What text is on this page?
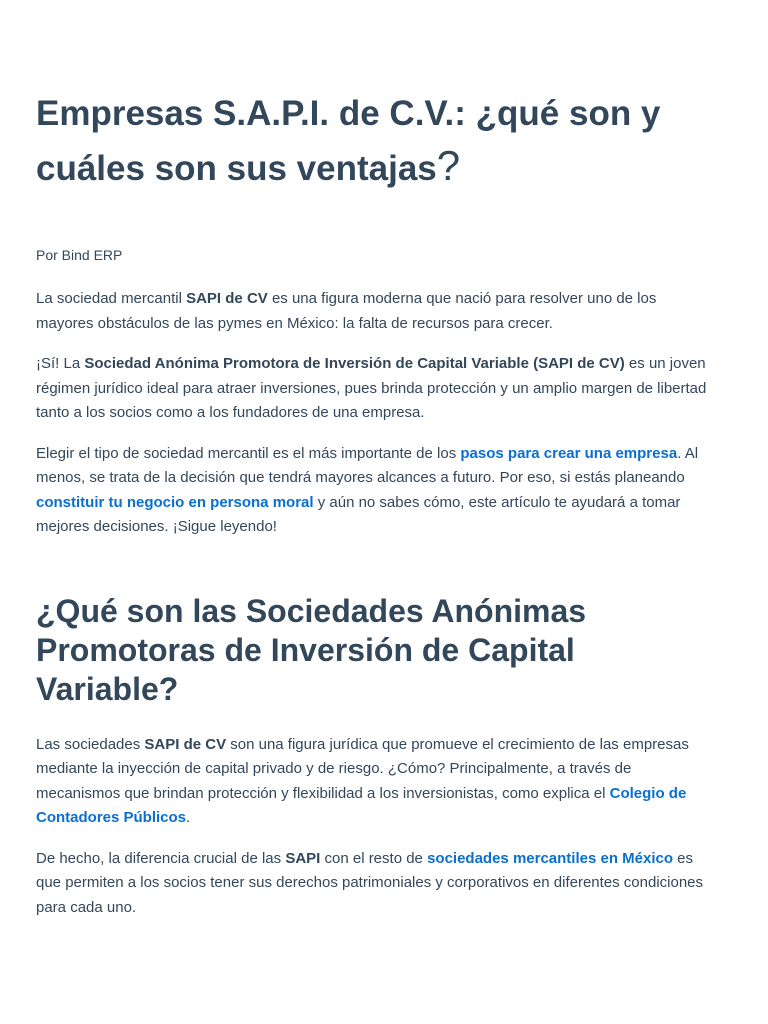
Empresas S.A.P.I. de C.V.: ¿qué son y cuáles son sus ventajas?
Por Bind ERP

La sociedad mercantil SAPI de CV es una figura moderna que nació para resolver uno de los mayores obstáculos de las pymes en México: la falta de recursos para crecer.

¡Sí! La Sociedad Anónima Promotora de Inversión de Capital Variable (SAPI de CV) es un joven régimen jurídico ideal para atraer inversiones, pues brinda protección y un amplio margen de libertad tanto a los socios como a los fundadores de una empresa.

Elegir el tipo de sociedad mercantil es el más importante de los pasos para crear una empresa. Al menos, se trata de la decisión que tendrá mayores alcances a futuro. Por eso, si estás planeando constituir tu negocio en persona moral y aún no sabes cómo, este artículo te ayudará a tomar mejores decisiones. ¡Sigue leyendo!

¿Qué son las Sociedades Anónimas Promotoras de Inversión de Capital Variable?

Las sociedades SAPI de CV son una figura jurídica que promueve el crecimiento de las empresas mediante la inyección de capital privado y de riesgo. ¿Cómo? Principalmente, a través de mecanismos que brindan protección y flexibilidad a los inversionistas, como explica el Colegio de Contadores Públicos.

De hecho, la diferencia crucial de las SAPI con el resto de sociedades mercantiles en México es que permiten a los socios tener sus derechos patrimoniales y corporativos en diferentes condiciones para cada uno.
